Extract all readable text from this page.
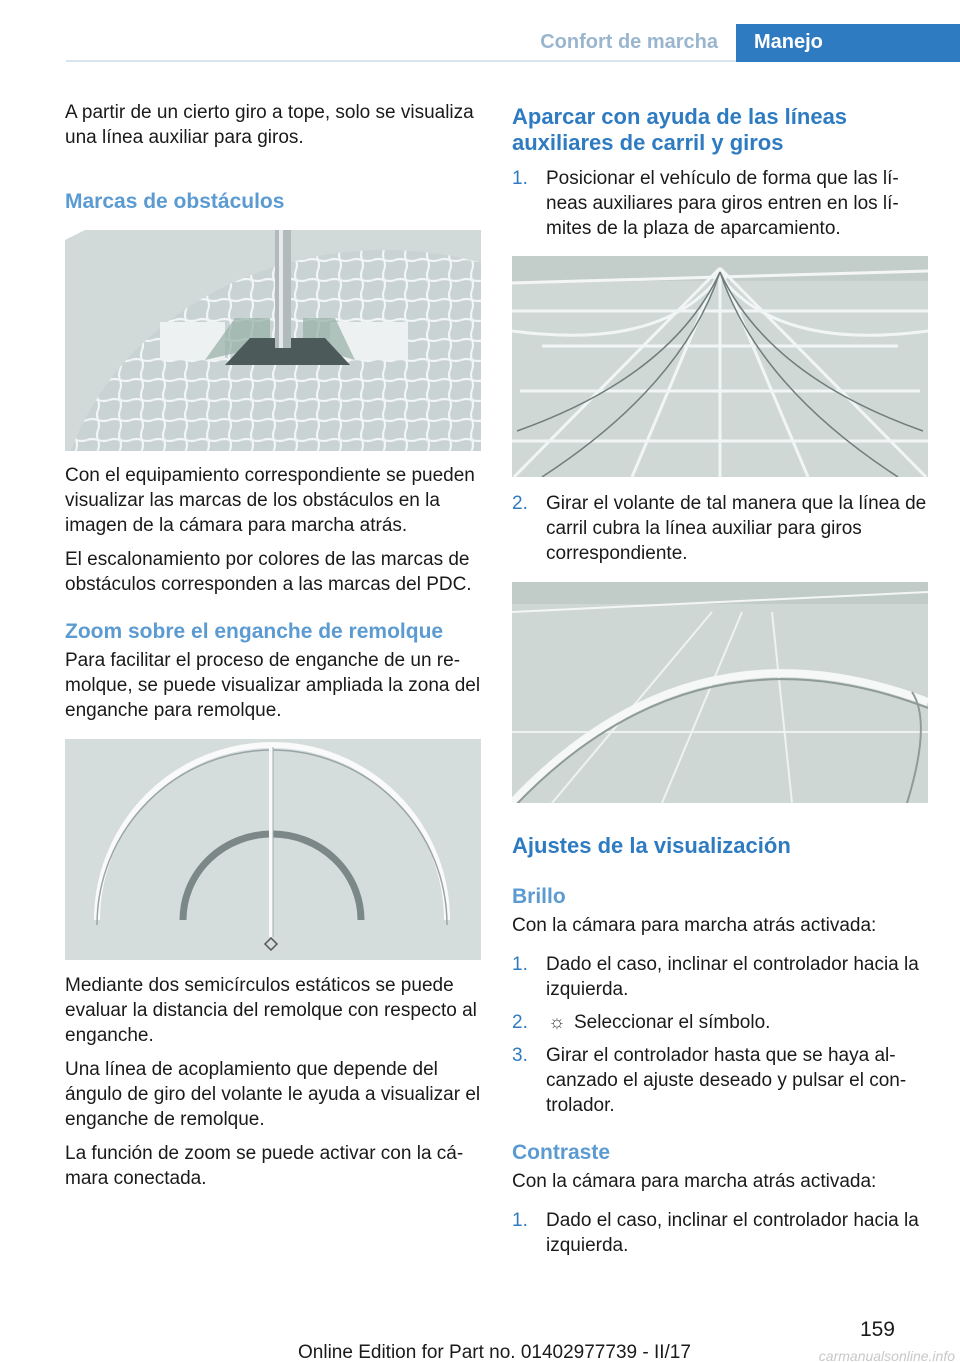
Confort de marcha	Manejo

A partir de un cierto giro a tope, solo se visualiza una línea auxiliar para giros.

Marcas de obstáculos

Con el equipamiento correspondiente se pueden visualizar las marcas de los obstáculos en la imagen de la cámara para marcha atrás.

El escalonamiento por colores de las marcas de obstáculos corresponden a las marcas del PDC.

Zoom sobre el enganche de remolque

Para facilitar el proceso de enganche de un remolque, se puede visualizar ampliada la zona del enganche para remolque.

Mediante dos semicírculos estáticos se puede evaluar la distancia del remolque con respecto al enganche.

Una línea de acoplamiento que depende del ángulo de giro del volante le ayuda a visualizar el enganche de remolque.

La función de zoom se puede activar con la cámara conectada.

Aparcar con ayuda de las líneas auxiliares de carril y giros
1. Posicionar el vehículo de forma que las líneas auxiliares para giros entren en los límites de la plaza de aparcamiento.
2. Girar el volante de tal manera que la línea de carril cubra la línea auxiliar para giros correspondiente.
Ajustes de la visualización
Brillo

Con la cámara para marcha atrás activada:

1. Dado el caso, inclinar el controlador hacia la izquierda.
2. ☼ Seleccionar el símbolo.
3. Girar el controlador hasta que se haya alcanzado el ajuste deseado y pulsar el controlador.
Contraste

Con la cámara para marcha atrás activada:

1. Dado el caso, inclinar el controlador hacia la izquierda.
159
Online Edition for Part no. 01402977739 - II/17	carmanualsonline.info
